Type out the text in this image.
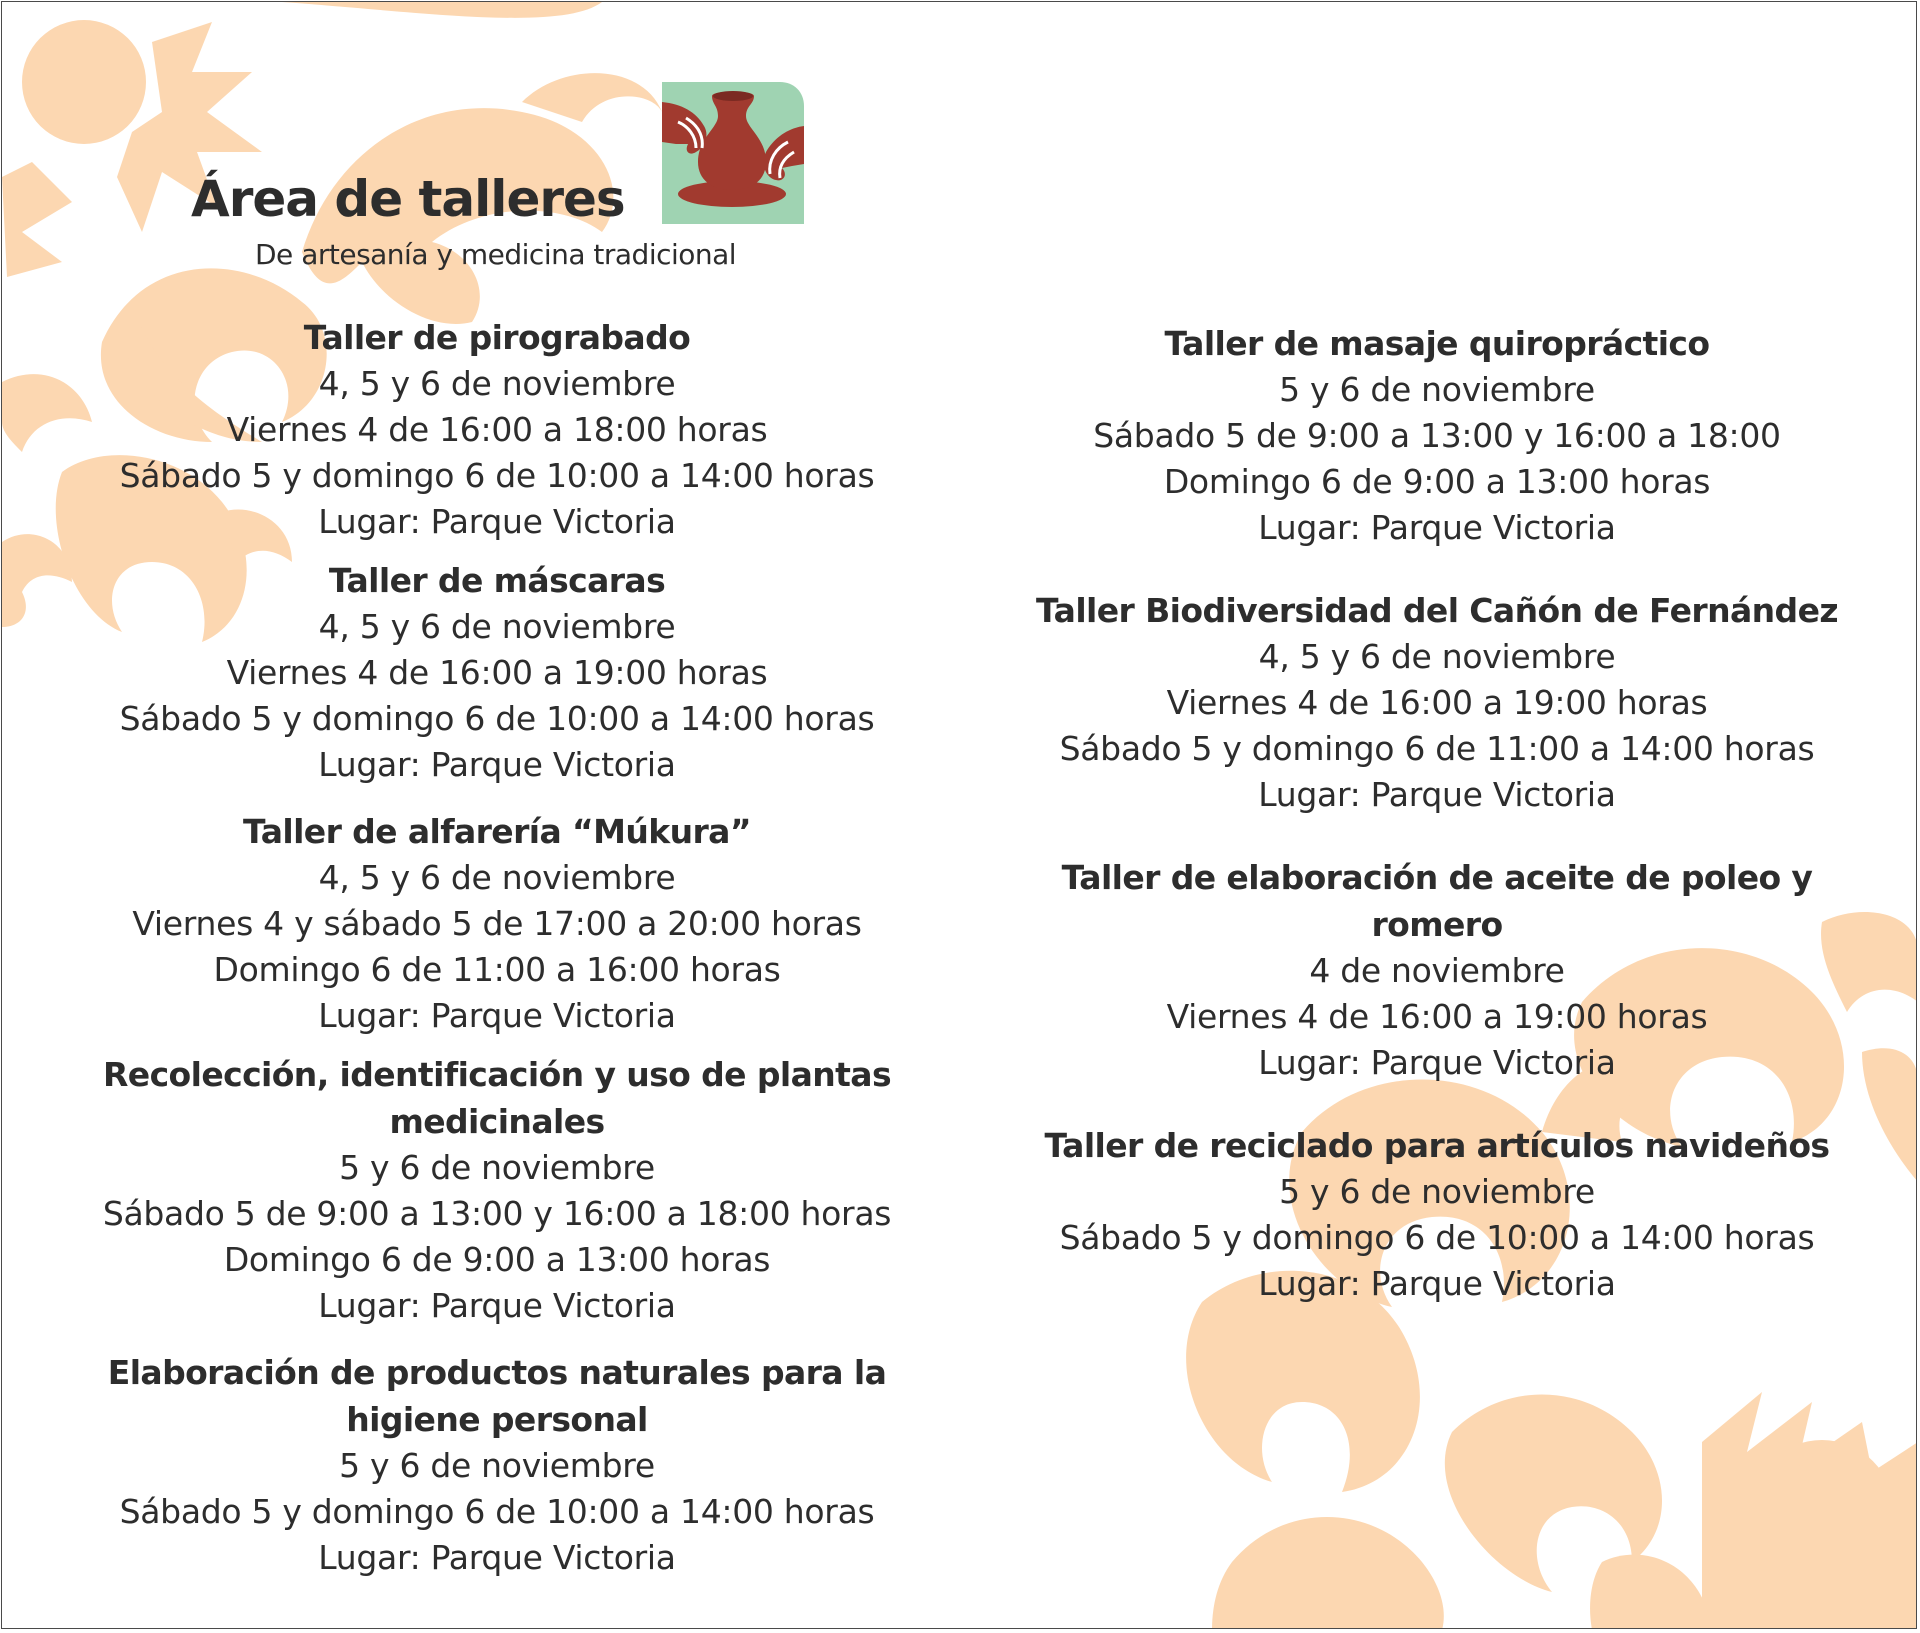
Área de talleres

De artesanía y medicina tradicional

Taller de pirograbado

4, 5 y 6 de noviembre

Viernes 4 de 16:00 a 18:00 horas

Sábado 5 y domingo 6 de 10:00 a 14:00 horas

Lugar: Parque Victoria

Taller de máscaras

4, 5 y 6 de noviembre

Viernes 4 de 16:00 a 19:00 horas

Sábado 5 y domingo 6 de 10:00 a 14:00 horas

Lugar: Parque Victoria

Taller de alfarería “Múkura”

4, 5 y 6 de noviembre

Viernes 4 y sábado 5 de 17:00 a 20:00 horas

Domingo 6 de 11:00 a 16:00 horas

Lugar: Parque Victoria

Recolección, identificación y uso de plantas medicinales

5 y 6 de noviembre

Sábado 5 de 9:00 a 13:00 y 16:00 a 18:00 horas

Domingo 6 de 9:00 a 13:00 horas

Lugar: Parque Victoria

Elaboración de productos naturales para la higiene personal

5 y 6 de noviembre

Sábado 5 y domingo 6 de 10:00 a 14:00 horas

Lugar: Parque Victoria

Taller de masaje quiropráctico

5 y 6 de noviembre

Sábado 5 de 9:00 a 13:00 y 16:00 a 18:00

Domingo 6 de 9:00 a 13:00 horas

Lugar: Parque Victoria

Taller Biodiversidad del Cañón de Fernández

4, 5 y 6 de noviembre

Viernes 4 de 16:00 a 19:00 horas

Sábado 5 y domingo 6 de 11:00 a 14:00 horas

Lugar: Parque Victoria

Taller de elaboración de aceite de poleo y romero

4 de noviembre

Viernes 4 de 16:00 a 19:00 horas

Lugar: Parque Victoria

Taller de reciclado para artículos navideños

5 y 6 de noviembre

Sábado 5 y domingo 6 de 10:00 a 14:00 horas

Lugar: Parque Victoria
